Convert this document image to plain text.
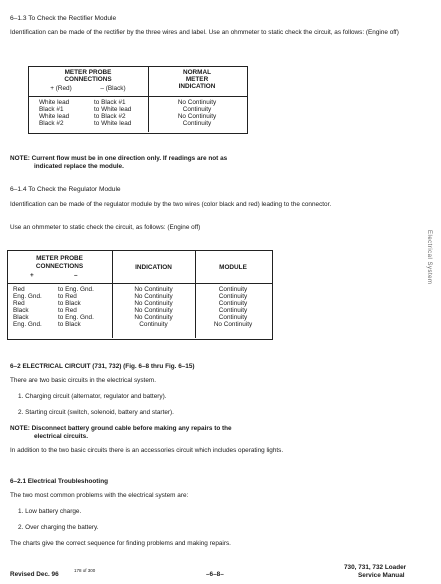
6–1.3 To Check the Rectifier Module
Identification can be made of the rectifier by the three wires and label. Use an ohmmeter to static check the circuit, as follows: (Engine off)
METER PROBE
CONNECTIONS
+ (Red)	– (Black)
NORMAL
METER
INDICATION
White lead	to Black #1	No Continuity
Black #1	to White lead	Continuity
White lead	to Black #2	No Continuity
Black #2	to White lead	Continuity
NOTE: Current flow must be in one direction only. If readings are not as
indicated replace the module.
6–1.4 To Check the Regulator Module
Identification can be made of the regulator module by the two wires (color black and red) leading to the connector.
Use an ohmmeter to static check the circuit, as follows: (Engine off)
METER PROBE
CONNECTIONS
+	–
INDICATION	MODULE
Red	to Eng. Gnd.	No Continuity	Continuity
Eng. Gnd.	to Red	No Continuity	Continuity
Red	to Black	No Continuity	Continuity
Black	to Red	No Continuity	Continuity
Black	to Eng. Gnd.	No Continuity	Continuity
Eng. Gnd.	to Black	Continuity	No Continuity
6–2 ELECTRICAL CIRCUIT (731, 732) (Fig. 6–8 thru Fig. 6–15)
There are two basic circuits in the electrical system.
1. Charging circuit (alternator, regulator and battery).
2. Starting circuit (switch, solenoid, battery and starter).
NOTE: Disconnect battery ground cable before making any repairs to the
electrical circuits.
In addition to the two basic circuits there is an accessories circuit which includes operating lights.
6–2.1 Electrical Troubleshooting
The two most common problems with the electrical system are:
1. Low battery charge.
2. Over charging the battery.
The charts give the correct sequence for finding problems and making repairs.
Revised Dec. 96
178 of 300
–6–8–
730, 731, 732 Loader
Service Manual
Electrical System
